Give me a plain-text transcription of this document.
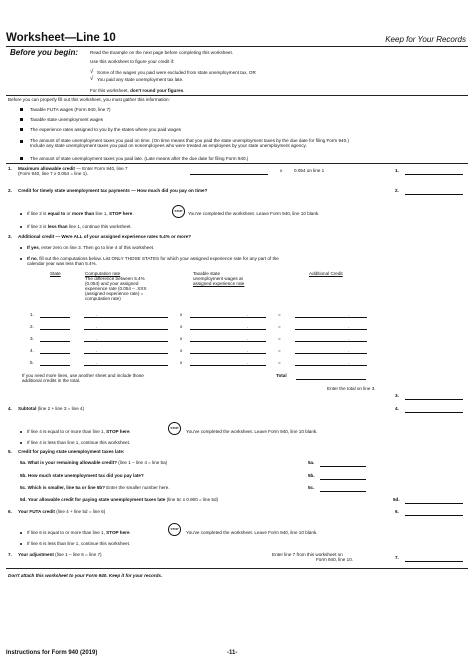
Worksheet—Line 10	Keep for Your Records
Before you begin:	Read the Example on the next page before completing this worksheet.
Use this worksheet to figure your credit if:
√ Some of the wages you paid were excluded from state unemployment tax, OR
√ You paid any state unemployment tax late.
For this worksheet, don't round your figures.
Before you can properly fill out this worksheet, you must gather this information:
Taxable FUTA wages (Form 940, line 7)
Taxable state unemployment wages
The experience rates assigned to you by the states where you paid wages
The amount of state unemployment taxes you paid on time. (On time means that you paid the state unemployment taxes by the due date for filing Form 940.)
Include any state unemployment taxes you paid on nonemployees who were treated as employees by your state unemployment agency.
The amount of state unemployment taxes you paid late. (Late means after the due date for filing Form 940.)
1. Maximum allowable credit — Enter Form 940, line 7
(Form 940, line 7 x 0.054 = line 1).
x	0.054 on line 1	1.
2. Credit for timely state unemployment tax payments — How much did you pay on time?	2.
If line 2 is equal to or more than line 1, STOP here.	STOP	You've completed the worksheet. Leave Form 940, line 10 blank.
If line 2 is less than line 1, continue this worksheet.
3. Additional credit — Were ALL of your assigned experience rates 5.4% or more?
If yes, enter zero on line 3. Then go to line 4 of this worksheet.
If no, fill out the computations below. List ONLY THOSE STATES for which your assigned experience rate for any part of the
calendar year was less than 5.4%.
State	Computation rate
The difference between 5.4%
(0.054) and your assigned
experience rate (0.054 – .XXX
(assigned experience rate) =
computation rate)
Taxable state
unemployment wages at
assigned experience rate
Additional Credit
1.	.	x	.	=	.
2.	.	x	.	=	.
3.	.	x	.	=	.
4.	.	x	.	=	.
5.	.	x	.	=	.
If you need more lines, use another sheet and include those
additional credits in the total.
Total
Enter the total on line 3.
3.
4. Subtotal (line 2 + line 3 = line 4)	4.
If line 4 is equal to or more than line 1, STOP here.
STOP
You've completed the worksheet. Leave Form 940, line 10 blank.
If line 4 is less than line 1, continue this worksheet.
5. Credit for paying state unemployment taxes late:
5a. What is your remaining allowable credit? (line 1 – line 4 = line 5a)	5a.
5b. How much state unemployment tax did you pay late?	5b.
5c. Which is smaller, line 5a or line 5b? Enter the smaller number here.	5c.
5d. Your allowable credit for paying state unemployment taxes late (line 5c x 0.900 = line 5d)	5d.
6. Your FUTA credit (line 4 + line 5d = line 6)	6.
If line 6 is equal to or more than line 1, STOP here.
STOP
You've completed the worksheet. Leave Form 940, line 10 blank.
If line 6 is less than line 1, continue this worksheet.
7. Your adjustment (line 1 – line 6 = line 7)	Enter line 7 from this worksheet on
Form 940, line 10.	7.
Don't attach this worksheet to your Form 940. Keep it for your records.
Instructions for Form 940 (2019)	-11-
